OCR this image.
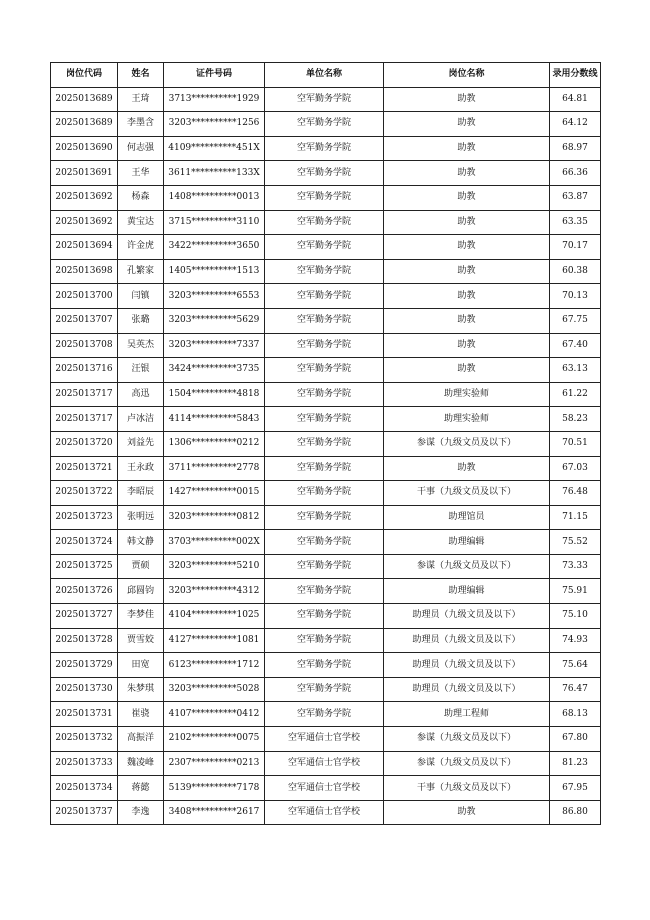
岗位代码	姓名	证件号码	单位名称	岗位名称	录用分数线
2025013689	王琦	3713**********1929	空军勤务学院	助教	64.81
2025013689	李墨含	3203**********1256	空军勤务学院	助教	64.12
2025013690	何志强	4109**********451X	空军勤务学院	助教	68.97
2025013691	王华	3611**********133X	空军勤务学院	助教	66.36
2025013692	杨森	1408**********0013	空军勤务学院	助教	63.87
2025013692	黄宝达	3715**********3110	空军勤务学院	助教	63.35
2025013694	许金虎	3422**********3650	空军勤务学院	助教	70.17
2025013698	孔繁家	1405**********1513	空军勤务学院	助教	60.38
2025013700	闫镇	3203**********6553	空军勤务学院	助教	70.13
2025013707	张璐	3203**********5629	空军勤务学院	助教	67.75
2025013708	吴英杰	3203**********7337	空军勤务学院	助教	67.40
2025013716	汪银	3424**********3735	空军勤务学院	助教	63.13
2025013717	高迅	1504**********4818	空军勤务学院	助理实验师	61.22
2025013717	卢冰洁	4114**********5843	空军勤务学院	助理实验师	58.23
2025013720	刘益先	1306**********0212	空军勤务学院	参谋（九级文员及以下）	70.51
2025013721	王永政	3711**********2778	空军勤务学院	助教	67.03
2025013722	李昭辰	1427**********0015	空军勤务学院	干事（九级文员及以下）	76.48
2025013723	张明远	3203**********0812	空军勤务学院	助理馆员	71.15
2025013724	韩文静	3703**********002X	空军勤务学院	助理编辑	75.52
2025013725	贾硕	3203**********5210	空军勤务学院	参谋（九级文员及以下）	73.33
2025013726	邱圆钧	3203**********4312	空军勤务学院	助理编辑	75.91
2025013727	李梦佳	4104**********1025	空军勤务学院	助理员（九级文员及以下）	75.10
2025013728	贾雪姣	4127**********1081	空军勤务学院	助理员（九级文员及以下）	74.93
2025013729	田宽	6123**********1712	空军勤务学院	助理员（九级文员及以下）	75.64
2025013730	朱梦琪	3203**********5028	空军勤务学院	助理员（九级文员及以下）	76.47
2025013731	崔骁	4107**********0412	空军勤务学院	助理工程师	68.13
2025013732	高振洋	2102**********0075	空军通信士官学校	参谋（九级文员及以下）	67.80
2025013733	魏凌峰	2307**********0213	空军通信士官学校	参谋（九级文员及以下）	81.23
2025013734	蒋懿	5139**********7178	空军通信士官学校	干事（九级文员及以下）	67.95
2025013737	李逸	3408**********2617	空军通信士官学校	助教	86.80
